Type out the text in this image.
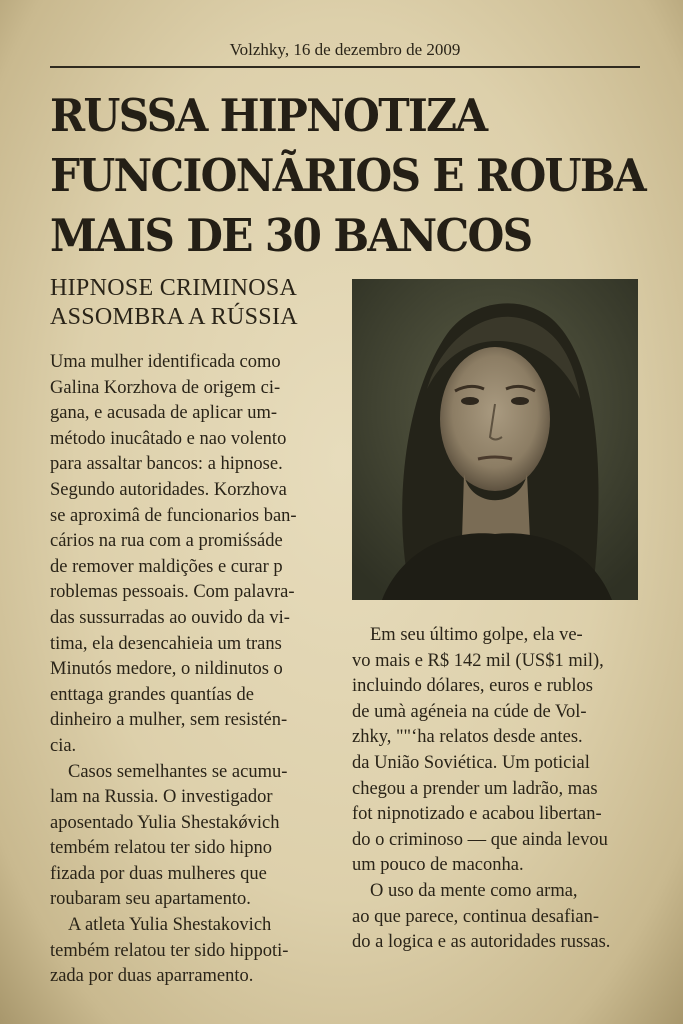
Volzhky, 16 de dezembro de 2009
RUSSA HIPNOTIZA
FUNCIONÃRIOS E ROUBA
MAIS DE 30 BANCOS
HIPNOSE CRIMINOSA
ASSOMBRA A RÚSSIA
Uma mulher identificada como
Galina Korzhova de origem ci-
gana, e acusada de aplicar um-
método inucâtado e nao volento
para assaltar bancos: a hipnose.
Segundo autoridades. Korzhova
se aproximâ de funcionarios ban-
cários na rua com a promiśsáde
de remover maldições e curar p
roblemas pessoais. Com palavra-
das sussurradas ao ouvido da vi-
tima, ela deзencahieia um trans
Minutós medore, o nildinutos o
enttaga grandes quantías de
dinheiro a mulher, sem resistén-
cia.
Casos semelhantes se acumu-
lam na Russia. O investigador
aposentado Yulia Shestakǿvich
tembém relatou ter sido hipno
fizada por duas mulheres que
roubaram seu apartamento.
A atleta Yulia Shestakovich
tembém relatou ter sido hippoti-
zada por duas aparramento.
Em seu último golpe, ela ve-
vo mais e R$ 142 mil (US$1 mil),
incluindo dólares, euros e rublos
de umà agéneia na cúde de Vol-
zhky, ""ʻha relatos desde antes.
da União Soviética. Um poticial
chegou a prender um ladrão, mas
fot nipnotizado e acabou libertan-
do o criminoso — que ainda levou
um pouco de maconha.
O uso da mente como arma,
ao que parece, continua desafian-
do a logica e as autoridades russas.
